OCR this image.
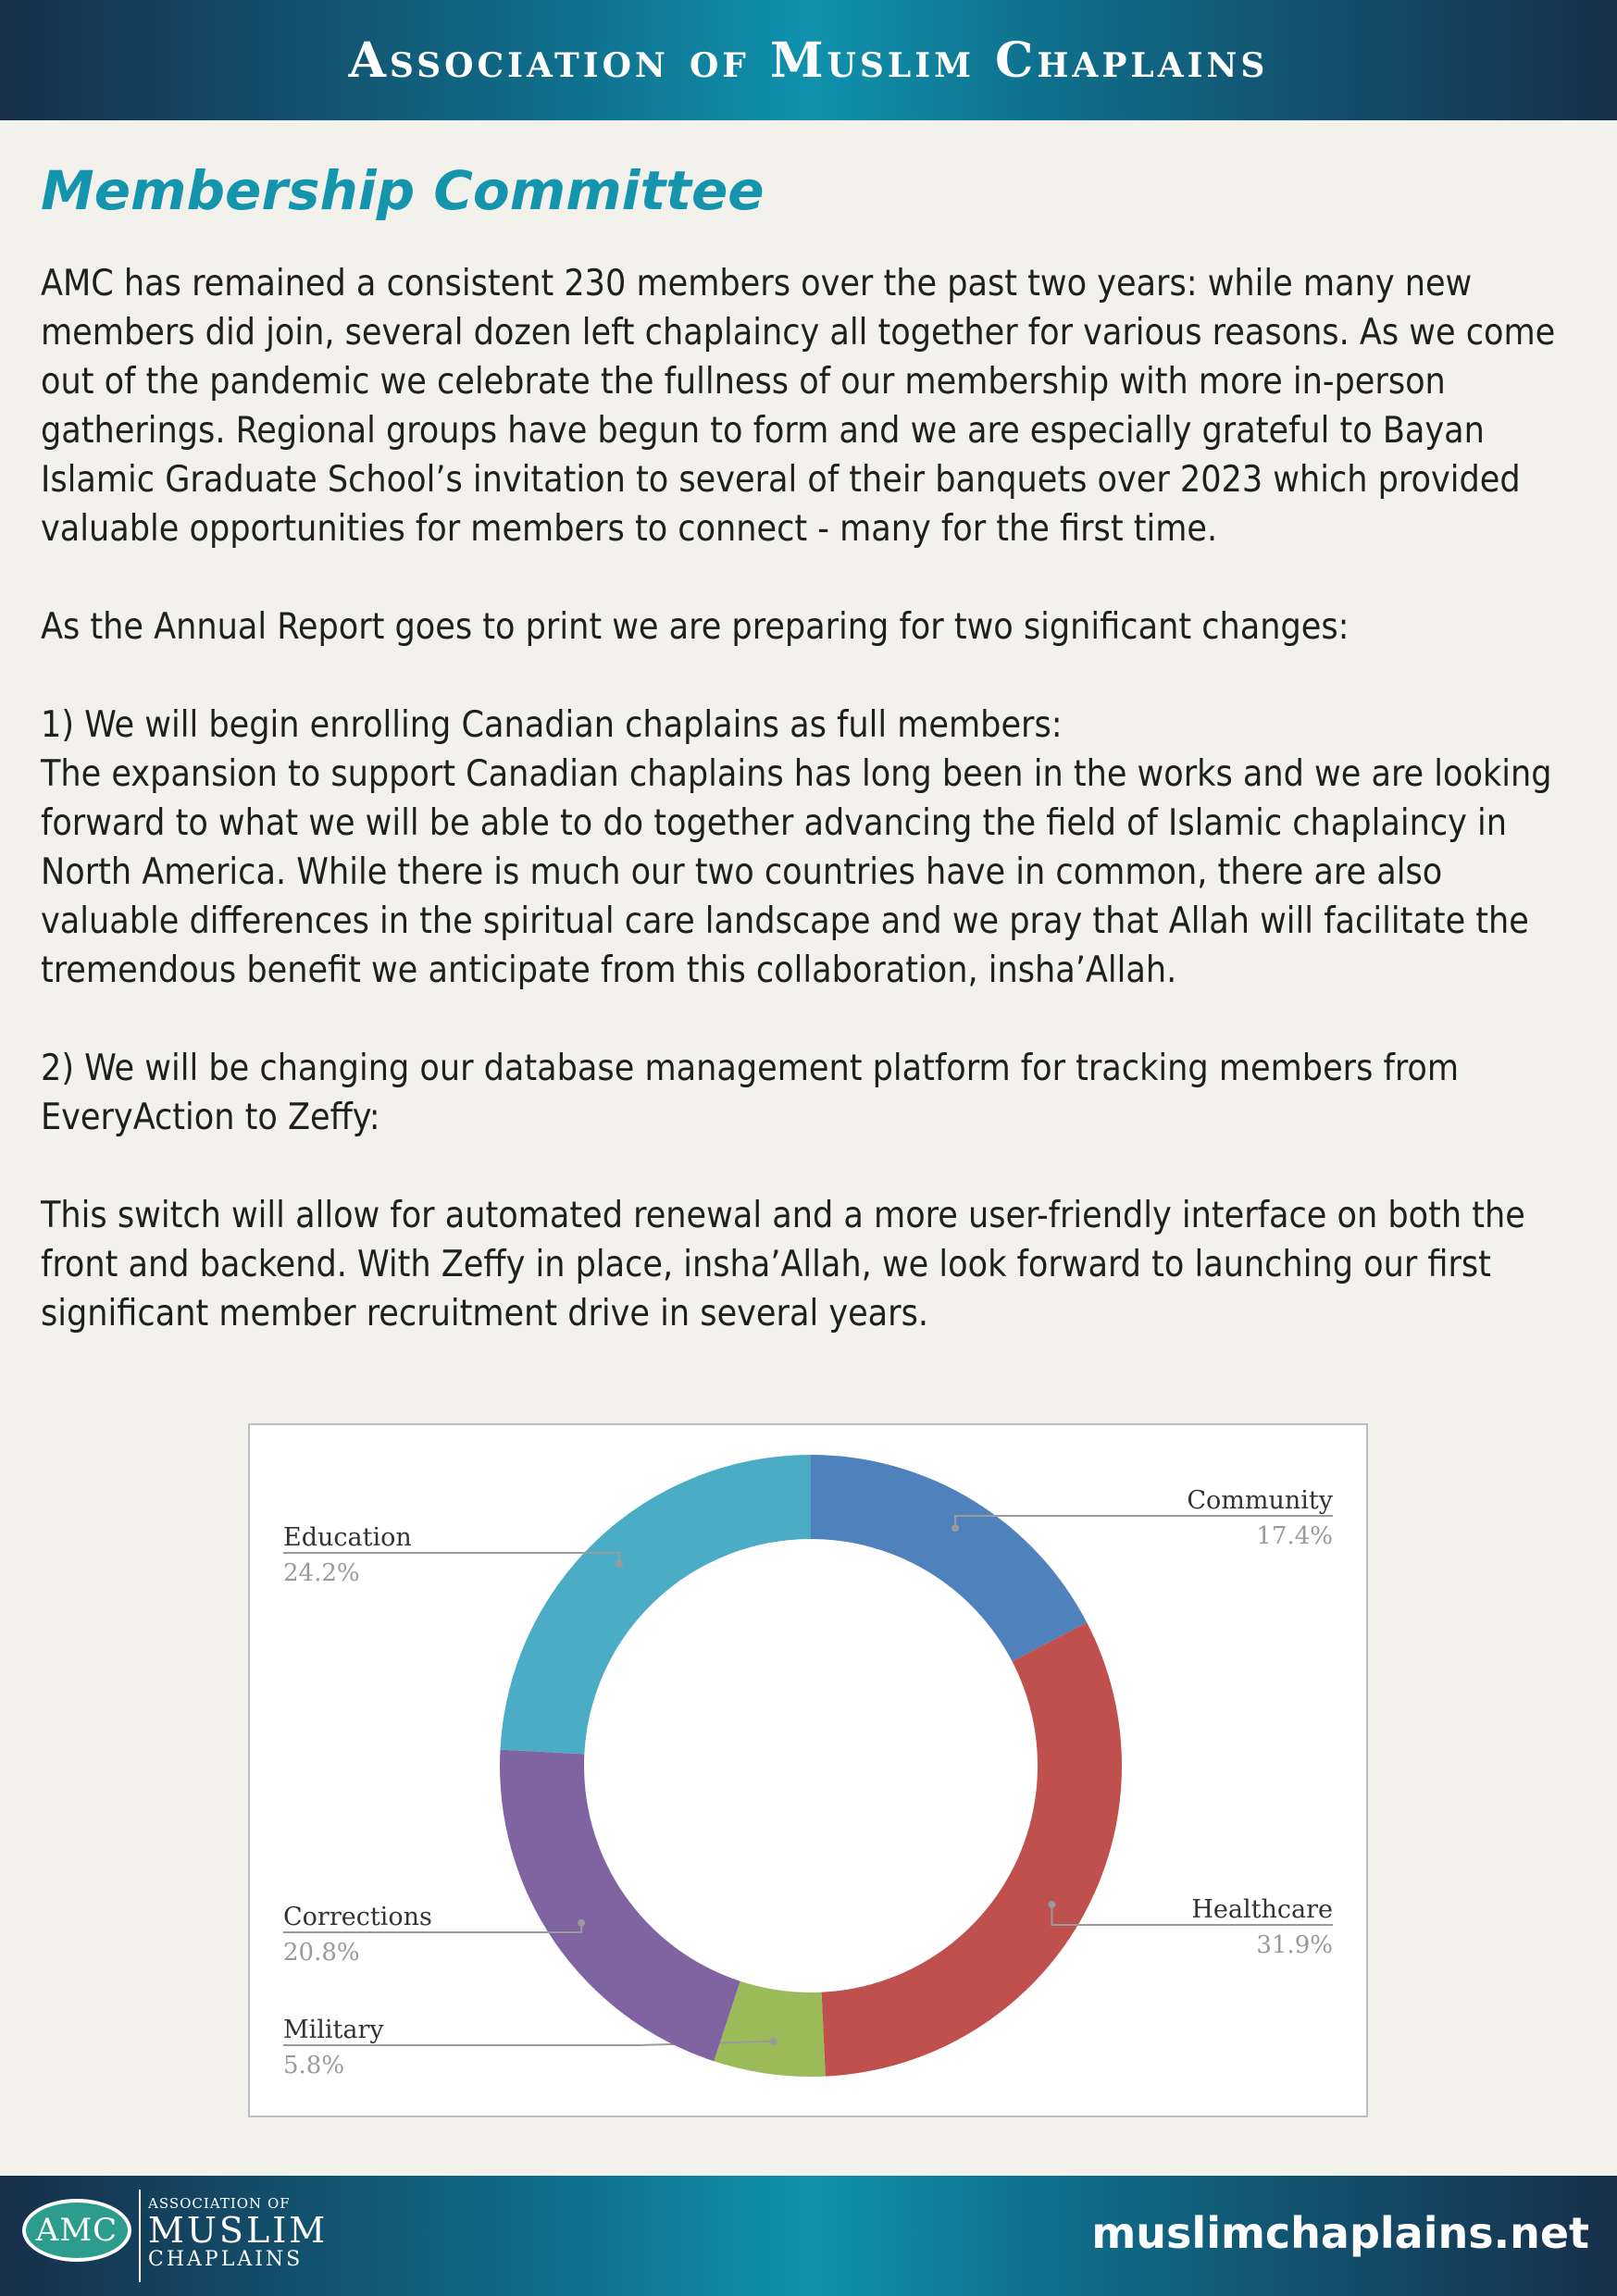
Association of Muslim Chaplains
Membership Committee

AMC has remained a consistent 230 members over the past two years: while many new members did join, several dozen left chaplaincy all together for various reasons. As we come out of the pandemic we celebrate the fullness of our membership with more in-person gatherings. Regional groups have begun to form and we are especially grateful to Bayan Islamic Graduate School’s invitation to several of their banquets over 2023 which provided valuable opportunities for members to connect - many for the first time.

As the Annual Report goes to print we are preparing for two significant changes:

1) We will begin enrolling Canadian chaplains as full members:
The expansion to support Canadian chaplains has long been in the works and we are looking forward to what we will be able to do together advancing the field of Islamic chaplaincy in North America. While there is much our two countries have in common, there are also valuable differences in the spiritual care landscape and we pray that Allah will facilitate the tremendous benefit we anticipate from this collaboration, insha’Allah.

2) We will be changing our database management platform for tracking members from EveryAction to Zeffy:

This switch will allow for automated renewal and a more user-friendly interface on both the front and backend. With Zeffy in place, insha’Allah, we look forward to launching our first significant member recruitment drive in several years.

Community
17.4%
Healthcare
31.9%
Military
5.8%
Corrections
20.8%
Education
24.2%
AMC
ASSOCIATION OF
MUSLIM
CHAPLAINS
muslimchaplains.net
